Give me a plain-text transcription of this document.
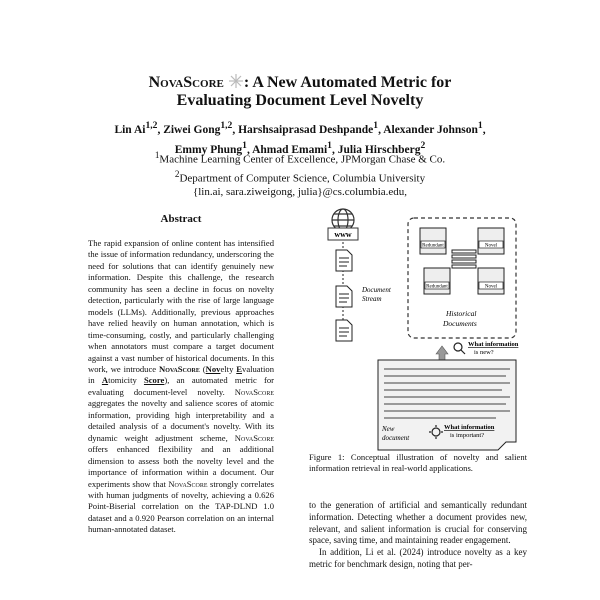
NovaScore : A New Automated Metric for
Evaluating Document Level Novelty
Lin Ai$^{1,2}$, Ziwei Gong$^{1,2}$, Harshsaiprasad Deshpande$^1$, Alexander Johnson$^1$,
Emmy Phung$^1$, Ahmad Emami$^1$, Julia Hirschberg$^2$
$^1$Machine Learning Center of Excellence, JPMorgan Chase & Co.
$^2$Department of Computer Science, Columbia University
{lin.ai, sara.ziweigong, julia}@cs.columbia.edu,
Abstract
The rapid expansion of online content has intensified the issue of information redundancy, underscoring the need for solutions that can identify genuinely new information. Despite this challenge, the research community has seen a decline in focus on novelty detection, particularly with the rise of large language models (LLMs). Additionally, previous approaches have relied heavily on human annotation, which is time-consuming, costly, and particularly challenging when annotators must compare a target document against a vast number of historical documents. In this work, we introduce NovaScore (Novelty Evaluation in Atomicity Score), an automated metric for evaluating document-level novelty. NovaScore aggregates the novelty and salience scores of atomic information, providing high interpretability and a detailed analysis of a document's novelty. With its dynamic weight adjustment scheme, NovaScore offers enhanced flexibility and an additional dimension to assess both the novelty level and the importance of information within a document. Our experiments show that NovaScore strongly correlates with human judgments of novelty, achieving a 0.626 Point-Biserial correlation on the TAP-DLND 1.0 dataset and a 0.920 Pearson correlation on an internal human-annotated dataset.
www
Document
Stream
Document Stream
Redundant	Novel
Redundant	Novel
Historical
Documents
Historical Documents
What information
is new?
What information is new?
New
document
What information
is important?
Figure 1: Conceptual illustration of novelty and salient information retrieval in real-world applications.

to the generation of artificial and semantically redundant information. Detecting whether a document provides new, relevant, and salient information is crucial for conserving space, saving time, and maintaining reader engagement.

In addition, Li et al. (2024) introduce novelty as a key metric for benchmark design, noting that per-
